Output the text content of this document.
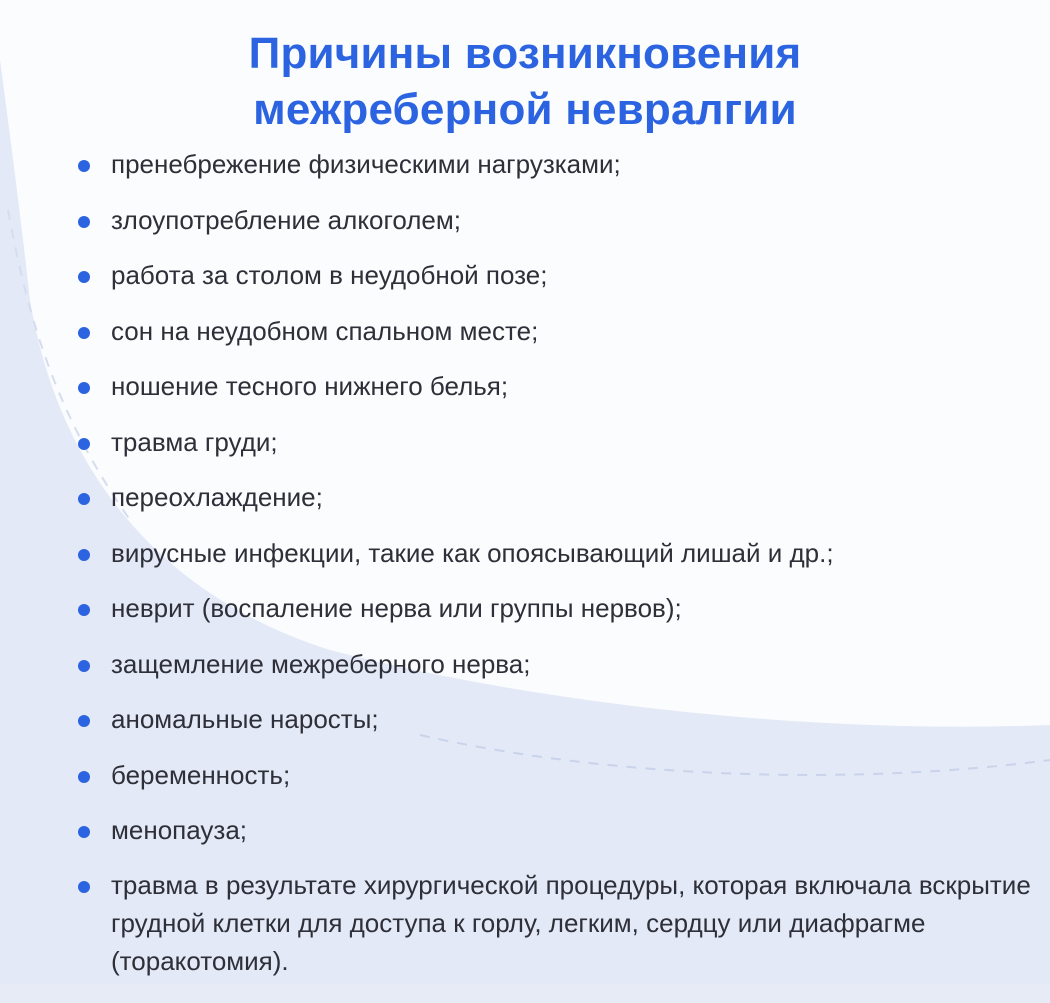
Причины возникновения
межреберной невралгии
пренебрежение физическими нагрузками;
злоупотребление алкоголем;
работа за столом в неудобной позе;
сон на неудобном спальном месте;
ношение тесного нижнего белья;
травма груди;
переохлаждение;
вирусные инфекции, такие как опоясывающий лишай и др.;
неврит (воспаление нерва или группы нервов);
защемление межреберного нерва;
аномальные наросты;
беременность;
менопауза;
травма в результате хирургической процедуры, которая включала вскрытие грудной клетки для доступа к горлу, легким, сердцу или диафрагме (торакотомия).
